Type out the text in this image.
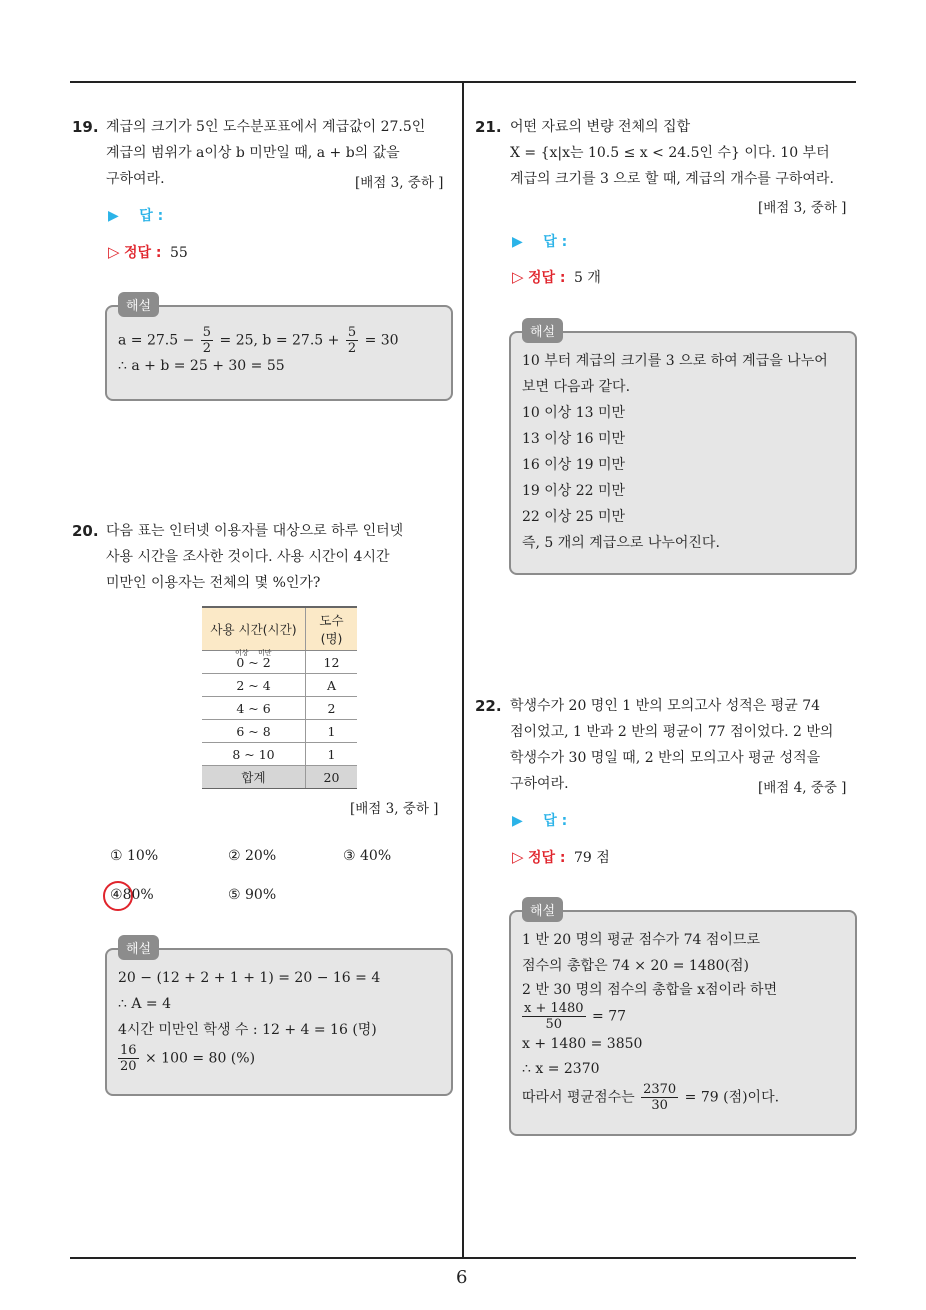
6
19. 계급의 크기가 5인 도수분포표에서 계급값이 27.5인
계급의 범위가 a이상 b 미만일 때, a + b의 값을
구하여라.	[배점 3, 중하 ]
▶ 답 :
▷ 정답 : 55
해설
$a = 27.5 - \frac{5}{2} = 25$, $b = 27.5 + \frac{5}{2} = 30$
∴ a + b = 25 + 30 = 55
20. 다음 표는 인터넷 이용자를 대상으로 하루 인터넷
사용 시간을 조사한 것이다. 사용 시간이 4시간
미만인 이용자는 전체의 몇 %인가?
사용 시간(시간)	도수(명)

이상 미만
0 ~ 2	12
2 ~ 4	A
4 ~ 6	2
6 ~ 8	1
8 ~ 10	1
합계	20
[배점 3, 중하 ]
① 10%	② 20%	③ 40%
④80%	⑤ 90%
해설
20 − (12 + 2 + 1 + 1) = 20 − 16 = 4
∴ A = 4
4시간 미만인 학생 수 : 12 + 4 = 16 (명)
$\frac{16}{20} \times 100 = 80$ (%)
21. 어떤 자료의 변량 전체의 집합
X = {x|x는 10.5 ≤ x < 24.5인 수} 이다. 10 부터
계급의 크기를 3 으로 할 때, 계급의 개수를 구하여라.
[배점 3, 중하 ]
▶ 답 :
▷ 정답 : 5 개
해설
10 부터 계급의 크기를 3 으로 하여 계급을 나누어
보면 다음과 같다.
10 이상 13 미만
13 이상 16 미만
16 이상 19 미만
19 이상 22 미만
22 이상 25 미만
즉, 5 개의 계급으로 나누어진다.
22. 학생수가 20 명인 1 반의 모의고사 성적은 평균 74
점이었고, 1 반과 2 반의 평균이 77 점이었다. 2 반의
학생수가 30 명일 때, 2 반의 모의고사 평균 성적을
구하여라.	[배점 4, 중중 ]
▶ 답 :
▷ 정답 : 79 점
해설
1 반 20 명의 평균 점수가 74 점이므로
점수의 총합은 74 × 20 = 1480(점)
2 반 30 명의 점수의 총합을 x점이라 하면
$\frac{x + 1480}{50} = 77$
x + 1480 = 3850
∴ x = 2370
따라서 평균점수는 $\frac{2370}{30} = 79$ (점)이다.
